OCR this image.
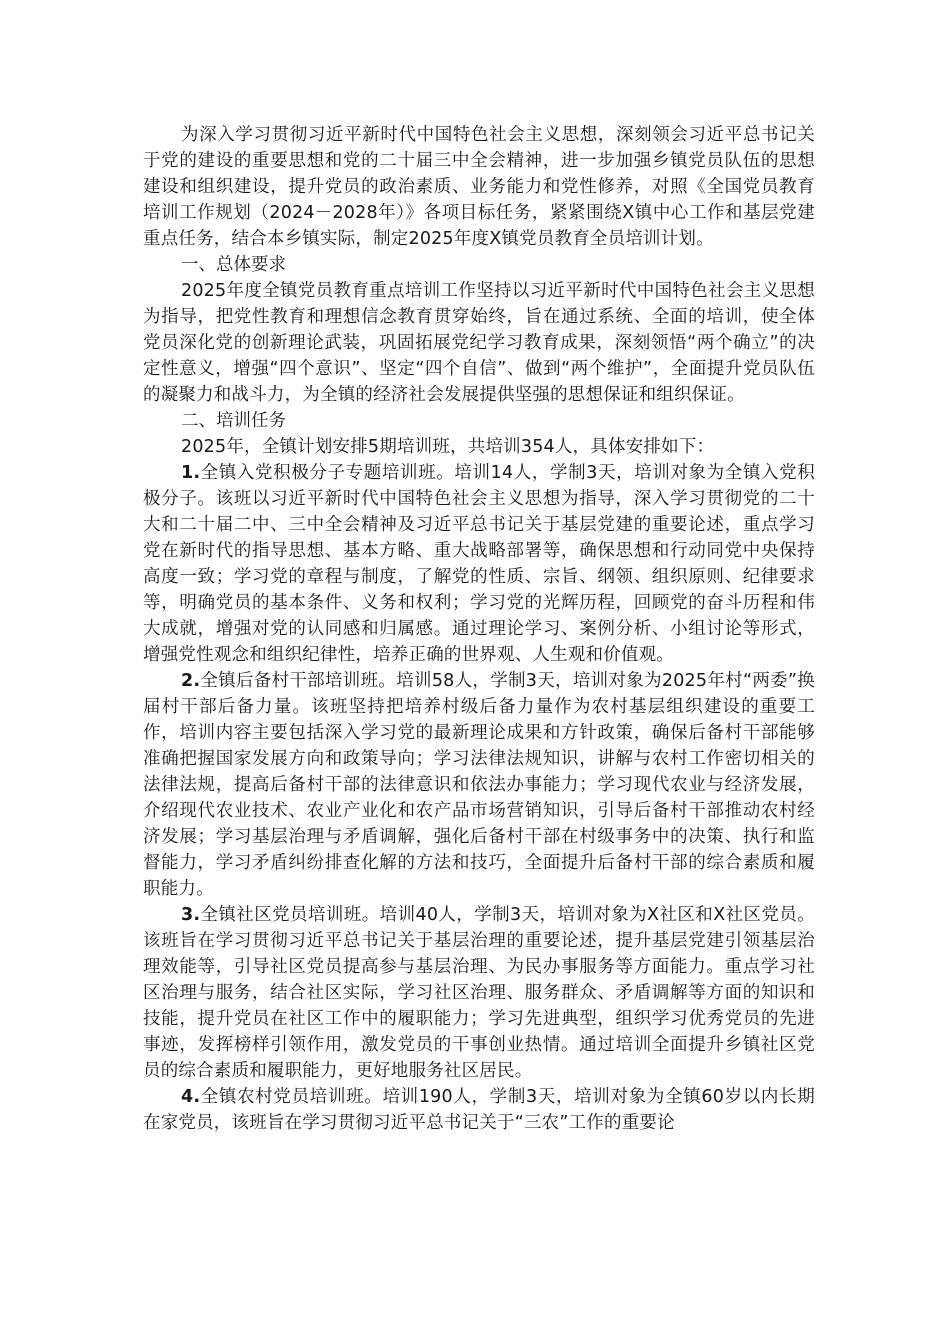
为深入学习贯彻习近平新时代中国特色社会主义思想，深刻领会习近平总书记关于党的建设的重要思想和党的二十届三中全会精神，进一步加强乡镇党员队伍的思想建设和组织建设，提升党员的政治素质、业务能力和党性修养，对照《全国党员教育培训工作规划（2024－2028年）》各项目标任务，紧紧围绕X镇中心工作和基层党建重点任务，结合本乡镇实际，制定2025年度X镇党员教育全员培训计划。

一、总体要求

2025年度全镇党员教育重点培训工作坚持以习近平新时代中国特色社会主义思想为指导，把党性教育和理想信念教育贯穿始终，旨在通过系统、全面的培训，使全体党员深化党的创新理论武装，巩固拓展党纪学习教育成果，深刻领悟“两个确立”的决定性意义，增强“四个意识”、坚定“四个自信”、做到“两个维护”，全面提升党员队伍的凝聚力和战斗力，为全镇的经济社会发展提供坚强的思想保证和组织保证。

二、培训任务

2025年，全镇计划安排5期培训班，共培训354人，具体安排如下：

1.全镇入党积极分子专题培训班。培训14人，学制3天，培训对象为全镇入党积极分子。该班以习近平新时代中国特色社会主义思想为指导，深入学习贯彻党的二十大和二十届二中、三中全会精神及习近平总书记关于基层党建的重要论述，重点学习党在新时代的指导思想、基本方略、重大战略部署等，确保思想和行动同党中央保持高度一致；学习党的章程与制度，了解党的性质、宗旨、纲领、组织原则、纪律要求等，明确党员的基本条件、义务和权利；学习党的光辉历程，回顾党的奋斗历程和伟大成就，增强对党的认同感和归属感。通过理论学习、案例分析、小组讨论等形式，增强党性观念和组织纪律性，培养正确的世界观、人生观和价值观。

2.全镇后备村干部培训班。培训58人，学制3天，培训对象为2025年村“两委”换届村干部后备力量。该班坚持把培养村级后备力量作为农村基层组织建设的重要工作，培训内容主要包括深入学习党的最新理论成果和方针政策，确保后备村干部能够准确把握国家发展方向和政策导向；学习法律法规知识，讲解与农村工作密切相关的法律法规，提高后备村干部的法律意识和依法办事能力；学习现代农业与经济发展，介绍现代农业技术、农业产业化和农产品市场营销知识，引导后备村干部推动农村经济发展；学习基层治理与矛盾调解，强化后备村干部在村级事务中的决策、执行和监督能力，学习矛盾纠纷排查化解的方法和技巧，全面提升后备村干部的综合素质和履职能力。

3.全镇社区党员培训班。培训40人，学制3天，培训对象为X社区和X社区党员。该班旨在学习贯彻习近平总书记关于基层治理的重要论述，提升基层党建引领基层治理效能等，引导社区党员提高参与基层治理、为民办事服务等方面能力。重点学习社区治理与服务，结合社区实际，学习社区治理、服务群众、矛盾调解等方面的知识和技能，提升党员在社区工作中的履职能力；学习先进典型，组织学习优秀党员的先进事迹，发挥榜样引领作用，激发党员的干事创业热情。通过培训全面提升乡镇社区党员的综合素质和履职能力，更好地服务社区居民。

4.全镇农村党员培训班。培训190人，学制3天，培训对象为全镇60岁以内长期在家党员，该班旨在学习贯彻习近平总书记关于“三农”工作的重要论
